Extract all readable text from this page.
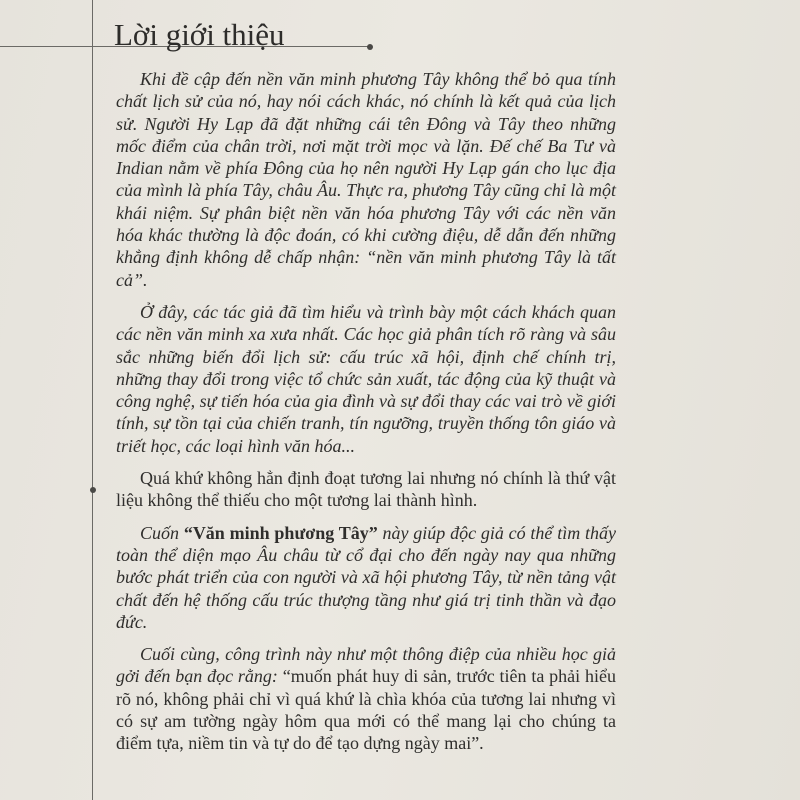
Lời giới thiệu

Khi đề cập đến nền văn minh phương Tây không thể bỏ qua tính chất lịch sử của nó, hay nói cách khác, nó chính là kết quả của lịch sử. Người Hy Lạp đã đặt những cái tên Đông và Tây theo những mốc điểm của chân trời, nơi mặt trời mọc và lặn. Đế chế Ba Tư và Indian nằm về phía Đông của họ nên người Hy Lạp gán cho lục địa của mình là phía Tây, châu Âu. Thực ra, phương Tây cũng chỉ là một khái niệm. Sự phân biệt nền văn hóa phương Tây với các nền văn hóa khác thường là độc đoán, có khi cường điệu, dễ dẫn đến những khẳng định không dễ chấp nhận: “nền văn minh phương Tây là tất cả”.

Ở đây, các tác giả đã tìm hiểu và trình bày một cách khách quan các nền văn minh xa xưa nhất. Các học giả phân tích rõ ràng và sâu sắc những biến đổi lịch sử: cấu trúc xã hội, định chế chính trị, những thay đổi trong việc tổ chức sản xuất, tác động của kỹ thuật và công nghệ, sự tiến hóa của gia đình và sự đổi thay các vai trò về giới tính, sự tồn tại của chiến tranh, tín ngưỡng, truyền thống tôn giáo và triết học, các loại hình văn hóa...

Quá khứ không hẳn định đoạt tương lai nhưng nó chính là thứ vật liệu không thể thiếu cho một tương lai thành hình.

Cuốn “Văn minh phương Tây” này giúp độc giả có thể tìm thấy toàn thể diện mạo Âu châu từ cổ đại cho đến ngày nay qua những bước phát triển của con người và xã hội phương Tây, từ nền tảng vật chất đến hệ thống cấu trúc thượng tầng như giá trị tinh thần và đạo đức.

Cuối cùng, công trình này như một thông điệp của nhiều học giả gởi đến bạn đọc rằng: “muốn phát huy di sản, trước tiên ta phải hiểu rõ nó, không phải chỉ vì quá khứ là chìa khóa của tương lai nhưng vì có sự am tường ngày hôm qua mới có thể mang lại cho chúng ta điểm tựa, niềm tin và tự do để tạo dựng ngày mai”.
